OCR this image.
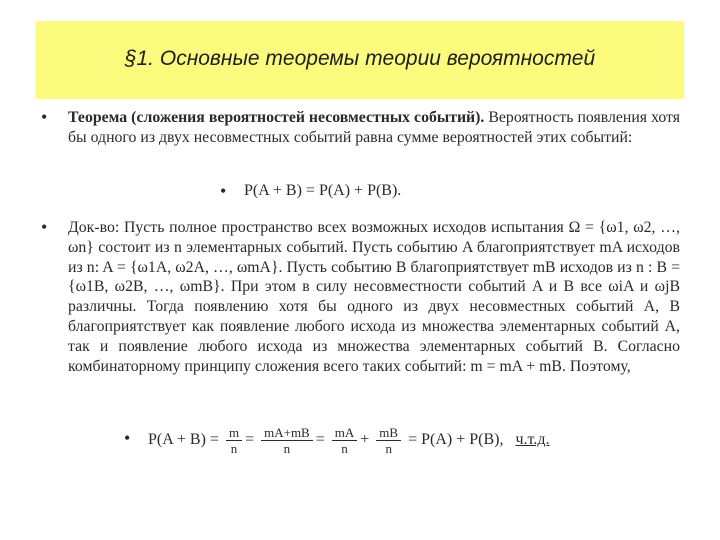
§1. Основные теоремы теории вероятностей
• Теорема (сложения вероятностей несовместных событий). Вероятность появления хотя бы одного из двух несовместных событий равна сумме вероятностей этих событий:

• P(A + B) = P(A) + P(B).
• Док-во: Пусть полное пространство всех возможных исходов испытания Ω = {ω1, ω2, …, ωn} состоит из n элементарных событий. Пусть событию A благоприятствует mA исходов из n: A = {ω1A, ω2A, …, ωmA}. Пусть событию B благоприятствует mB исходов из n : B = {ω1B, ω2B, …, ωmB}. При этом в силу несовместности событий A и B все ωiA и ωjB различны. Тогда появлению хотя бы одного из двух несовместных событий A, B благоприятствует как появление любого исхода из множества элементарных событий A, так и появление любого исхода из множества элементарных событий B. Согласно комбинаторному принципу сложения всего таких событий: m = mA + mB. Поэтому,

• $P(A + B) = \frac{m}{n} = \frac{mA+mB}{n} = \frac{mA}{n} + \frac{mB}{n} = P(A) + P(B)$, ч.т.д.
